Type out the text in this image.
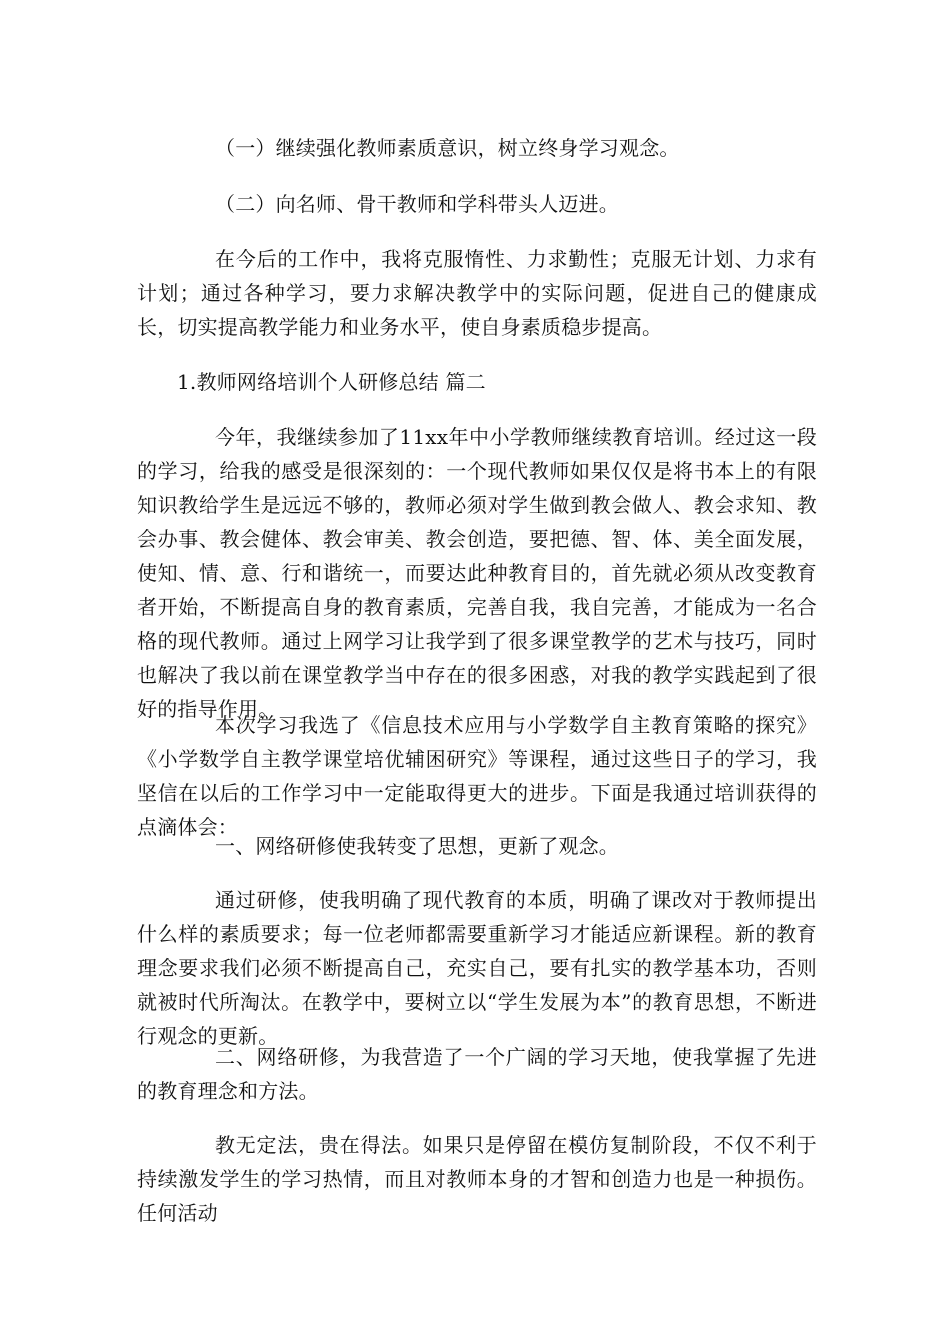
（一）继续强化教师素质意识，树立终身学习观念。

（二）向名师、骨干教师和学科带头人迈进。

在今后的工作中，我将克服惰性、力求勤性；克服无计划、力求有计划；通过各种学习，要力求解决教学中的实际问题，促进自己的健康成长，切实提高教学能力和业务水平，使自身素质稳步提高。

1.教师网络培训个人研修总结 篇二

今年，我继续参加了11xx年中小学教师继续教育培训。经过这一段的学习，给我的感受是很深刻的：一个现代教师如果仅仅是将书本上的有限知识教给学生是远远不够的，教师必须对学生做到教会做人、教会求知、教会办事、教会健体、教会审美、教会创造，要把德、智、体、美全面发展，使知、情、意、行和谐统一，而要达此种教育目的，首先就必须从改变教育者开始，不断提高自身的教育素质，完善自我，我自完善，才能成为一名合格的现代教师。通过上网学习让我学到了很多课堂教学的艺术与技巧，同时也解决了我以前在课堂教学当中存在的很多困惑，对我的教学实践起到了很好的指导作用。

本次学习我选了《信息技术应用与小学数学自主教育策略的探究》《小学数学自主教学课堂培优辅困研究》等课程，通过这些日子的学习，我坚信在以后的工作学习中一定能取得更大的进步。下面是我通过培训获得的点滴体会：

一、网络研修使我转变了思想，更新了观念。

通过研修，使我明确了现代教育的本质，明确了课改对于教师提出什么样的素质要求；每一位老师都需要重新学习才能适应新课程。新的教育理念要求我们必须不断提高自己，充实自己，要有扎实的教学基本功，否则就被时代所淘汰。在教学中，要树立以“学生发展为本”的教育思想，不断进行观念的更新。

二、网络研修，为我营造了一个广阔的学习天地，使我掌握了先进的教育理念和方法。

教无定法，贵在得法。如果只是停留在模仿复制阶段，不仅不利于持续激发学生的学习热情，而且对教师本身的才智和创造力也是一种损伤。任何活动
